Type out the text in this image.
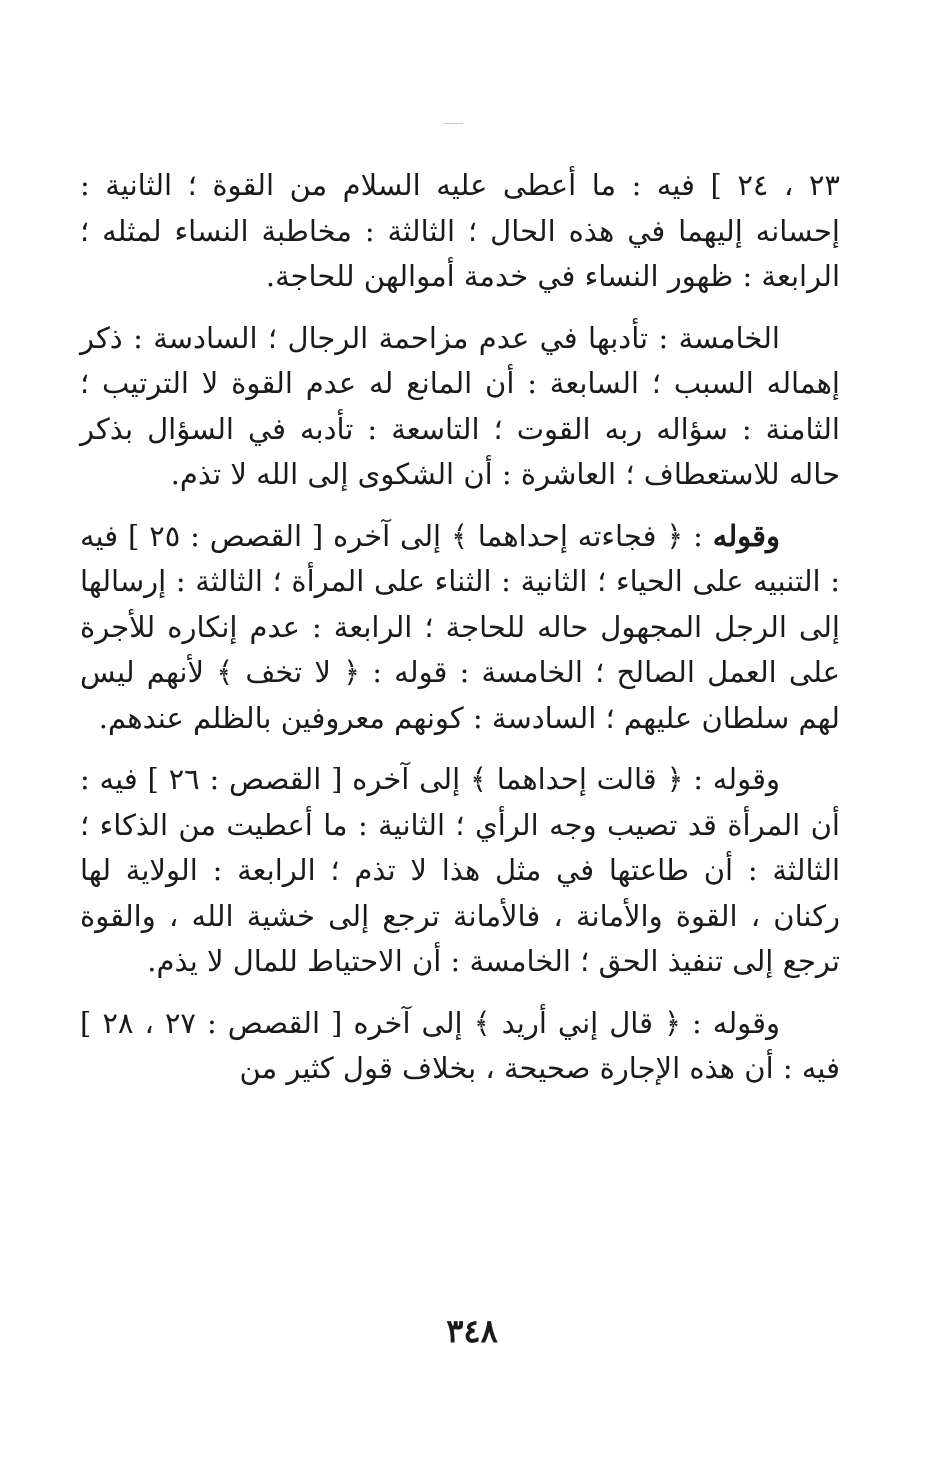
٢٣ ، ٢٤ ] فيه : ما أعطى عليه السلام من القوة ؛ الثانية : إحسانه إليهما في هذه الحال ؛ الثالثة : مخاطبة النساء لمثله ؛ الرابعة : ظهور النساء في خدمة أموالهن للحاجة.

الخامسة : تأدبها في عدم مزاحمة الرجال ؛ السادسة : ذكر إهماله السبب ؛ السابعة : أن المانع له عدم القوة لا الترتيب ؛ الثامنة : سؤاله ربه القوت ؛ التاسعة : تأدبه في السؤال بذكر حاله للاستعطاف ؛ العاشرة : أن الشكوى إلى الله لا تذم.

وقوله : ﴿ فجاءته إحداهما ﴾ إلى آخره [ القصص : ٢٥ ] فيه : التنبيه على الحياء ؛ الثانية : الثناء على المرأة ؛ الثالثة : إرسالها إلى الرجل المجهول حاله للحاجة ؛ الرابعة : عدم إنكاره للأجرة على العمل الصالح ؛ الخامسة : قوله : ﴿ لا تخف ﴾ لأنهم ليس لهم سلطان عليهم ؛ السادسة : كونهم معروفين بالظلم عندهم.

وقوله : ﴿ قالت إحداهما ﴾ إلى آخره [ القصص : ٢٦ ] فيه : أن المرأة قد تصيب وجه الرأي ؛ الثانية : ما أعطيت من الذكاء ؛ الثالثة : أن طاعتها في مثل هذا لا تذم ؛ الرابعة : الولاية لها ركنان ، القوة والأمانة ، فالأمانة ترجع إلى خشية الله ، والقوة ترجع إلى تنفيذ الحق ؛ الخامسة : أن الاحتياط للمال لا يذم.

وقوله : ﴿ قال إني أريد ﴾ إلى آخره [ القصص : ٢٧ ، ٢٨ ] فيه : أن هذه الإجارة صحيحة ، بخلاف قول كثير من

٣٤٨
